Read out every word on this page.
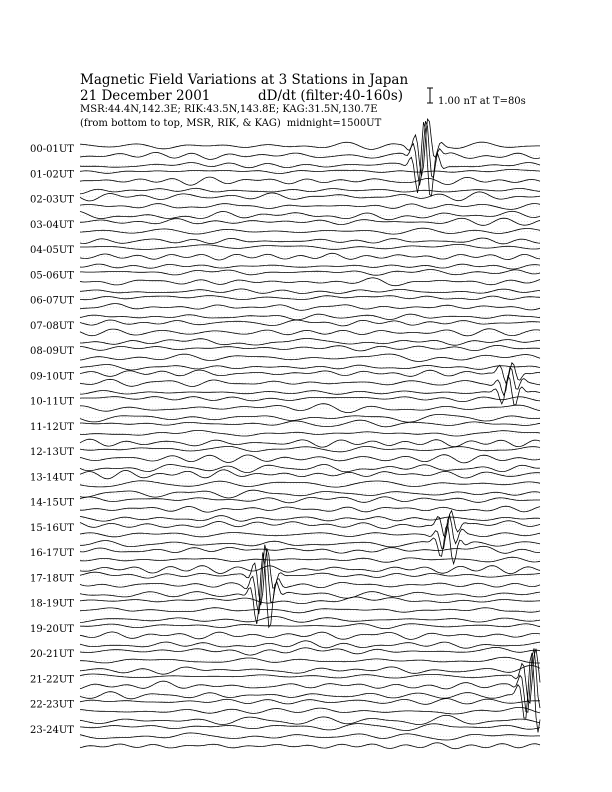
Magnetic Field Variations at 3 Stations in Japan
21 December 2001	dD/dt (filter:40-160s)
MSR:44.4N,142.3E; RIK:43.5N,143.8E; KAG:31.5N,130.7E
(from bottom to top, MSR, RIK, & KAG) midnight=1500UT
1.00 nT at T=80s
00-01UT
01-02UT
02-03UT
03-04UT
04-05UT
05-06UT
06-07UT
07-08UT
08-09UT
09-10UT
10-11UT
11-12UT
12-13UT
13-14UT
14-15UT
15-16UT
16-17UT
17-18UT
18-19UT
19-20UT
20-21UT
21-22UT
22-23UT
23-24UT
